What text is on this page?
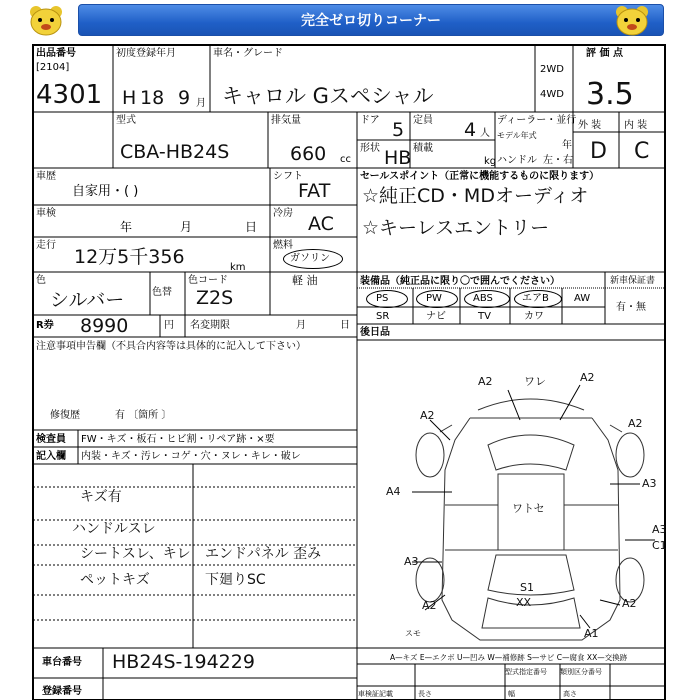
完全ゼロ切りコーナー
出品番号
[2104]
4301
初度登録年月
H 18 9 月
車名・グレード
キャロル Gスペシャル
2WD
4WD
評 価 点
3.5
型式
CBA-HB24S
排気量
660 cc
ドア 5 定員 4 人
ディーラー・並行
モデル年式
年
外 装 内 装
D C
形状 HB 積載
kg ハンドル 左・右
車歴
自家用・( )
シフト
FAT
車検
年	月	日
冷房 AC
走行
12万5千356	km
燃料
ガソリン
軽 油
色
シルバー	色替
色コード
Z2S
R券 8990	円 名変期限	月	日
注意事項申告欄（不具合内容等は具体的に記入して下さい）
修復歴	有 〔箇所 〕
検査員
記入欄
FW・キズ・板石・ヒビ割・リペア跡・×要
内装・キズ・汚レ・コゲ・穴・ヌレ・キレ・破レ
キズ有
ハンドルスレ
シートスレ、キレ
ペットキズ
エンドパネル 歪み
下廻りSC
車台番号 HB24S-194229
登録番号
セールスポイント（正常に機能するものに限ります）
☆純正CD・MDオーディオ
☆キーレスエントリー
装備品（純正品に限り〇で囲んでください）
PS	PW	ABS	エアB	AW
SR	ナビ	TV	カワ
新車保証書
有・無
後日品
A2	ワレ	A2
A2
A2
A4
ワトセ
A3
A3
C1
A3
S1
XX
A2	A2
スモ	A1
A—キズ E—エクボ U—凹み W—補修跡 S—サビ C—腐食 XX—交換跡
型式指定番号 類別区分番号
車検証記載	長さ	幅	高さ
